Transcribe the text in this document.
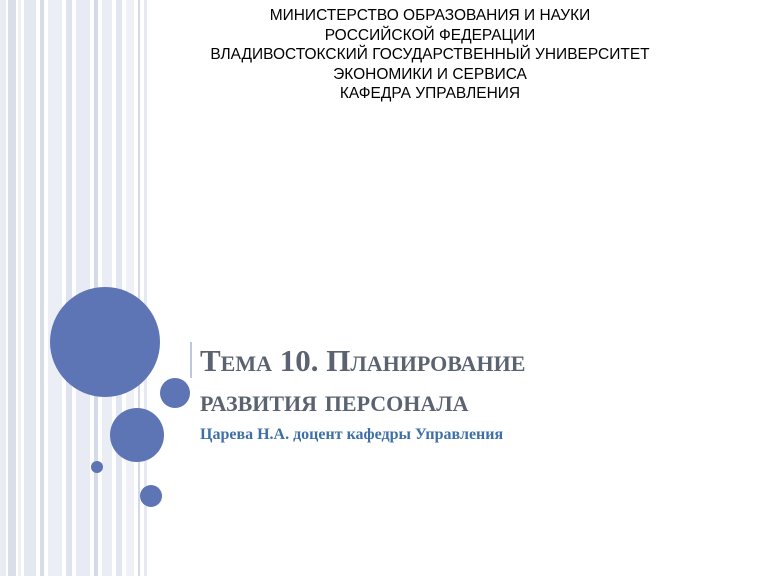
МИНИСТЕРСТВО ОБРАЗОВАНИЯ И НАУКИ
РОССИЙСКОЙ ФЕДЕРАЦИИ
ВЛАДИВОСТОКСКИЙ ГОСУДАРСТВЕННЫЙ УНИВЕРСИТЕТ
ЭКОНОМИКИ И СЕРВИСА
КАФЕДРА УПРАВЛЕНИЯ
Тема 10. Планирование
развития персонала
Царева Н.А. доцент кафедры Управления
